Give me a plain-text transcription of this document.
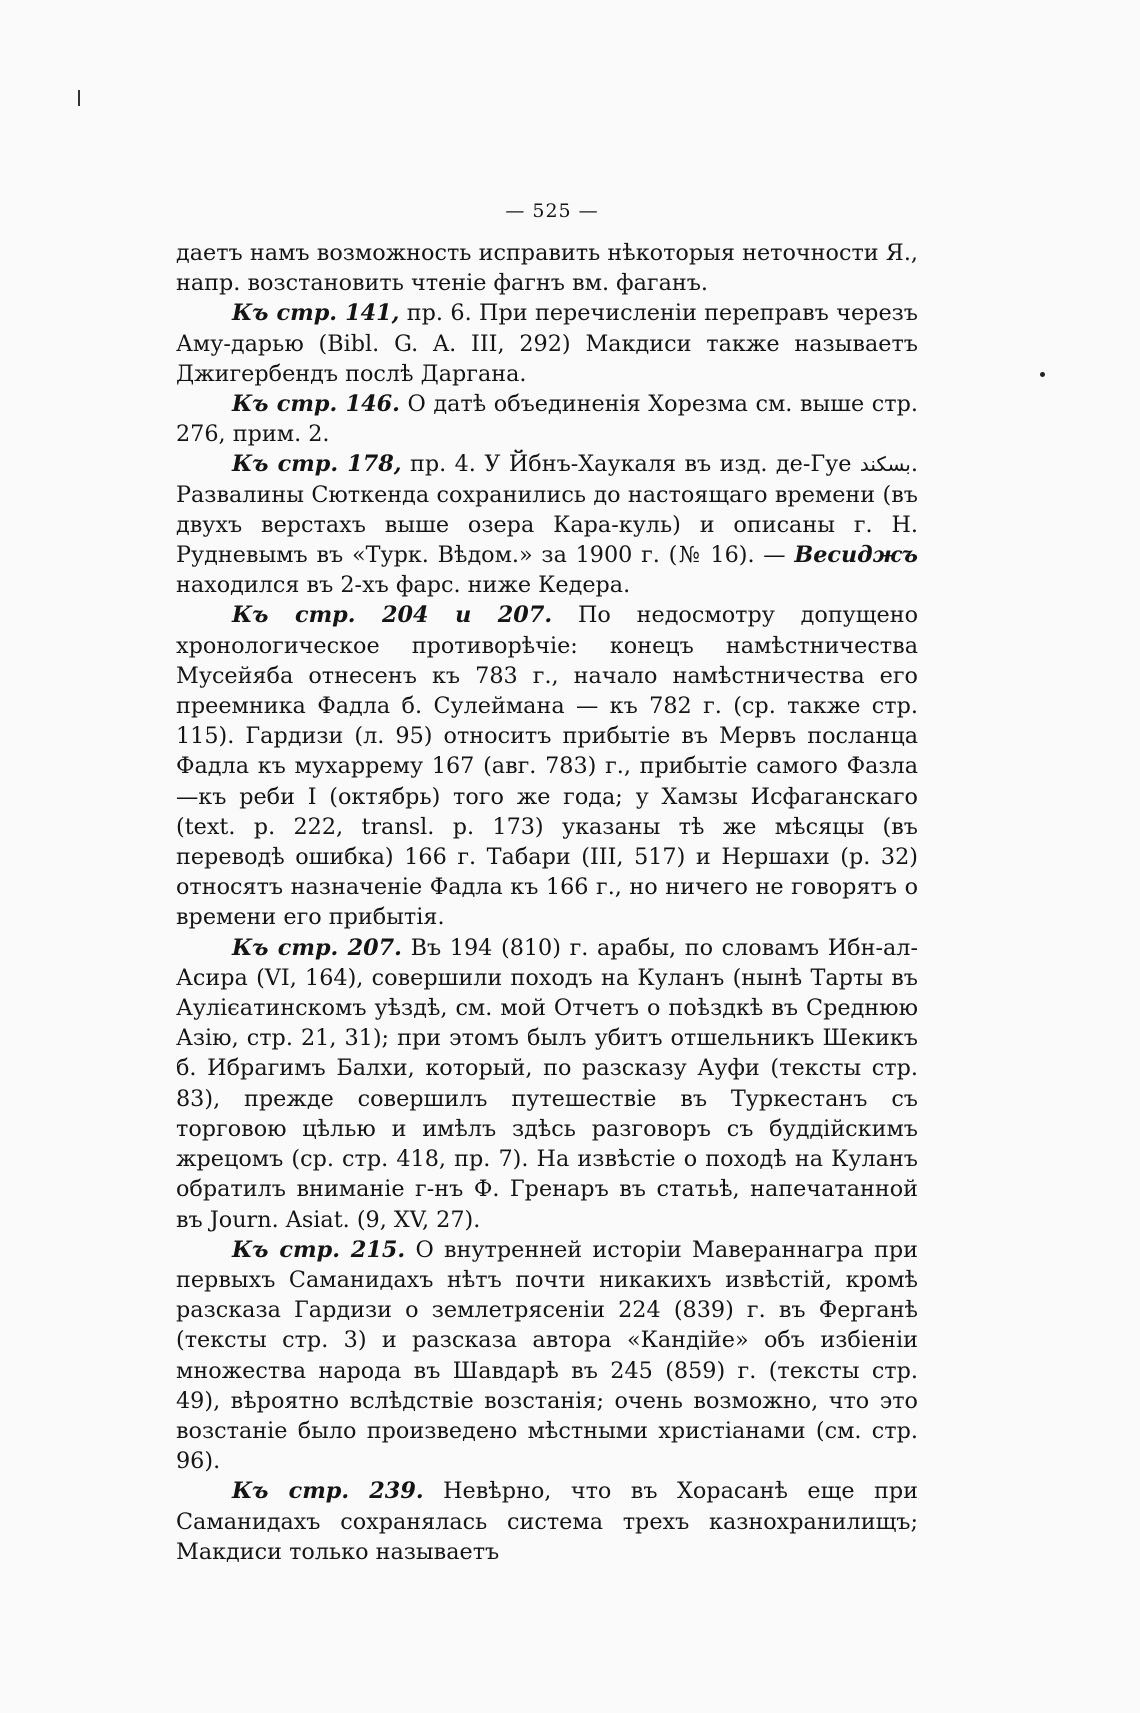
— 525 —

даетъ намъ возможность исправить нѣкоторыя неточности Я., напр. возстановить чтеніе фагнъ вм. фаганъ.

Къ стр. 141, пр. 6. При перечисленіи переправъ черезъ Аму-дарью (Bibl. G. A. III, 292) Макдиси также называетъ Джигербендъ послѣ Даргана.

Къ стр. 146. О датѣ объединенія Хорезма см. выше стр. 276, прим. 2.

Къ стр. 178, пр. 4. У Йбнъ-Хаукаля въ изд. де-Гуе بسكند. Развалины Сюткенда сохранились до настоящаго времени (въ двухъ верстахъ выше озера Кара-куль) и описаны г. Н. Рудневымъ въ «Турк. Вѣдом.» за 1900 г. (№ 16). — Весиджъ находился въ 2-хъ фарс. ниже Кедера.

Къ стр. 204 и 207. По недосмотру допущено хронологическое противорѣчіе: конецъ намѣстничества Мусейяба отнесенъ къ 783 г., начало намѣстничества его преемника Фадла б. Сулеймана — къ 782 г. (ср. также стр. 115). Гардизи (л. 95) относитъ прибытіе въ Мервъ посланца Фадла къ мухаррему 167 (авг. 783) г., прибытіе самого Фазла—къ реби I (октябрь) того же года; у Хамзы Исфаганскаго (text. p. 222, transl. p. 173) указаны тѣ же мѣсяцы (въ переводѣ ошибка) 166 г. Табари (III, 517) и Нершахи (p. 32) относятъ назначеніе Фадла къ 166 г., но ничего не говорятъ о времени его прибытія.

Къ стр. 207. Въ 194 (810) г. арабы, по словамъ Ибн-ал-Асира (VI, 164), совершили походъ на Куланъ (нынѣ Тарты въ Аулієатинскомъ уѣздѣ, см. мой Отчетъ о поѣздкѣ въ Среднюю Азію, стр. 21, 31); при этомъ былъ убитъ отшельникъ Шекикъ б. Ибрагимъ Балхи, который, по разсказу Ауфи (тексты стр. 83), прежде совершилъ путешествіе въ Туркестанъ съ торговою цѣлью и имѣлъ здѣсь разговоръ съ буддійскимъ жрецомъ (ср. стр. 418, пр. 7). На извѣстіе о походѣ на Куланъ обратилъ вниманіе г-нъ Ф. Гренаръ въ статьѣ, напечатанной въ Journ. Asiat. (9, XV, 27).

Къ стр. 215. О внутренней исторіи Мавераннагра при первыхъ Саманидахъ нѣтъ почти никакихъ извѣстій, кромѣ разсказа Гардизи о землетрясеніи 224 (839) г. въ Ферганѣ (тексты стр. 3) и разсказа автора «Кандійе» объ избіеніи множества народа въ Шавдарѣ въ 245 (859) г. (тексты стр. 49), вѣроятно вслѣдствіе возстанія; очень возможно, что это возстаніе было произведено мѣстными христіанами (см. стр. 96).

Къ стр. 239. Невѣрно, что въ Хорасанѣ еще при Саманидахъ сохранялась система трехъ казнохранилищъ; Макдиси только называетъ
